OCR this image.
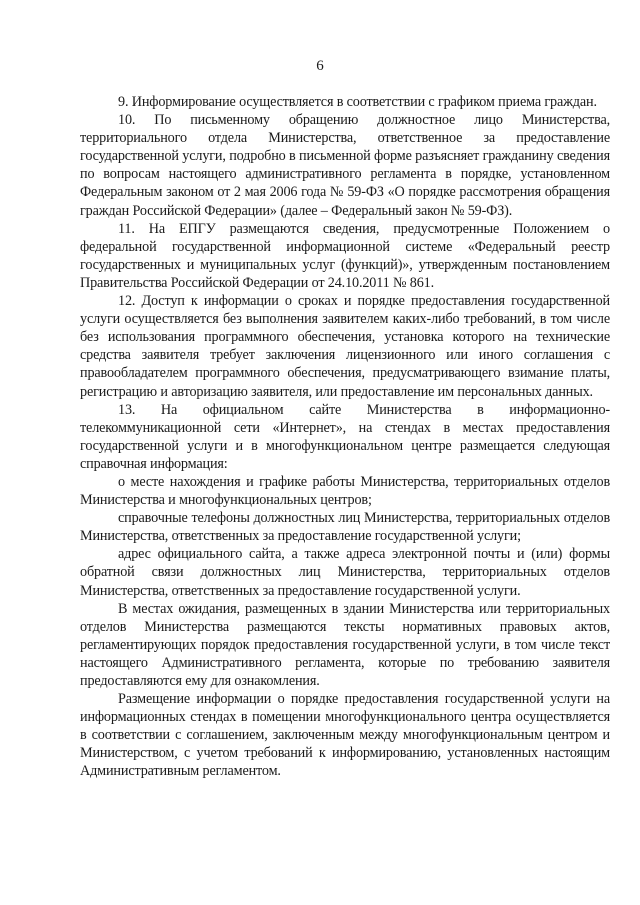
6

9. Информирование осуществляется в соответствии с графиком приема граждан.

10. По письменному обращению должностное лицо Министерства, территориального отдела Министерства, ответственное за предоставление государственной услуги, подробно в письменной форме разъясняет гражданину сведения по вопросам настоящего административного регламента в порядке, установленном Федеральным законом от 2 мая 2006 года № 59-ФЗ «О порядке рассмотрения обращения граждан Российской Федерации» (далее – Федеральный закон № 59-ФЗ).

11. На ЕПГУ размещаются сведения, предусмотренные Положением о федеральной государственной информационной системе «Федеральный реестр государственных и муниципальных услуг (функций)», утвержденным постановлением Правительства Российской Федерации от 24.10.2011 № 861.

12. Доступ к информации о сроках и порядке предоставления государственной услуги осуществляется без выполнения заявителем каких-либо требований, в том числе без использования программного обеспечения, установка которого на технические средства заявителя требует заключения лицензионного или иного соглашения с правообладателем программного обеспечения, предусматривающего взимание платы, регистрацию и авторизацию заявителя, или предоставление им персональных данных.

13. На официальном сайте Министерства в информационно-телекоммуникационной сети «Интернет», на стендах в местах предоставления государственной услуги и в многофункциональном центре размещается следующая справочная информация:

о месте нахождения и графике работы Министерства, территориальных отделов Министерства и многофункциональных центров;

справочные телефоны должностных лиц Министерства, территориальных отделов Министерства, ответственных за предоставление государственной услуги;

адрес официального сайта, а также адреса электронной почты и (или) формы обратной связи должностных лиц Министерства, территориальных отделов Министерства, ответственных за предоставление государственной услуги.

В местах ожидания, размещенных в здании Министерства или территориальных отделов Министерства размещаются тексты нормативных правовых актов, регламентирующих порядок предоставления государственной услуги, в том числе текст настоящего Административного регламента, которые по требованию заявителя предоставляются ему для ознакомления.

Размещение информации о порядке предоставления государственной услуги на информационных стендах в помещении многофункционального центра осуществляется в соответствии с соглашением, заключенным между многофункциональным центром и Министерством, с учетом требований к информированию, установленных настоящим Административным регламентом.
